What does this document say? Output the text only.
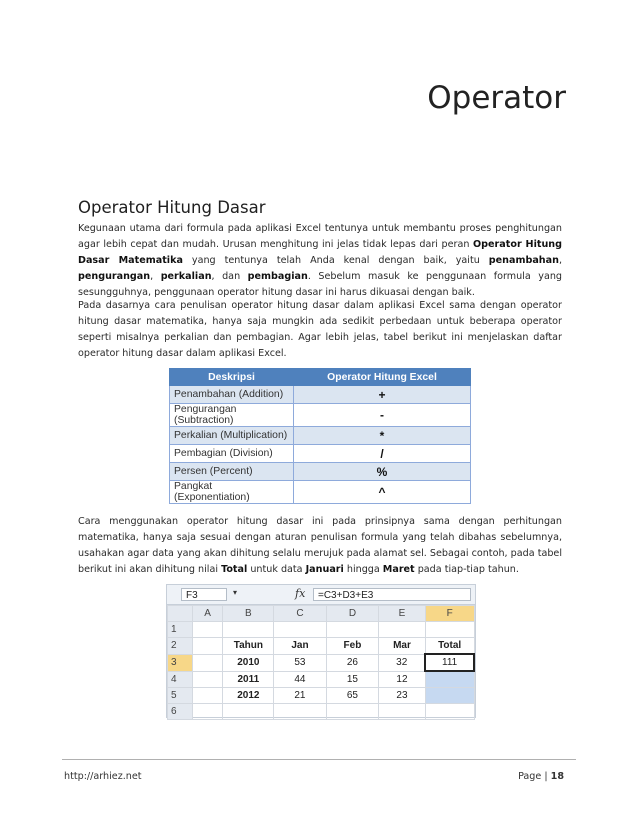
Operator
Operator Hitung Dasar

Kegunaan utama dari formula pada aplikasi Excel tentunya untuk membantu proses penghitungan agar lebih cepat dan mudah. Urusan menghitung ini jelas tidak lepas dari peran Operator Hitung Dasar Matematika yang tentunya telah Anda kenal dengan baik, yaitu penambahan, pengurangan, perkalian, dan pembagian. Sebelum masuk ke penggunaan formula yang sesungguhnya, penggunaan operator hitung dasar ini harus dikuasai dengan baik.

Pada dasarnya cara penulisan operator hitung dasar dalam aplikasi Excel sama dengan operator hitung dasar matematika, hanya saja mungkin ada sedikit perbedaan untuk beberapa operator seperti misalnya perkalian dan pembagian. Agar lebih jelas, tabel berikut ini menjelaskan daftar operator hitung dasar dalam aplikasi Excel.

Deskripsi	Operator Hitung Excel
Penambahan (Addition)	+
Pengurangan (Subtraction)	-
Perkalian (Multiplication)	*
Pembagian (Division)	/
Persen (Percent)	%
Pangkat (Exponentiation)	^

Cara menggunakan operator hitung dasar ini pada prinsipnya sama dengan perhitungan matematika, hanya saja sesuai dengan aturan penulisan formula yang telah dibahas sebelumnya, usahakan agar data yang akan dihitung selalu merujuk pada alamat sel. Sebagai contoh, pada tabel berikut ini akan dihitung nilai Total untuk data Januari hingga Maret pada tiap-tiap tahun.

F3	▾	fx	=C3+D3+E3
	A	B	C	D	E	F
1						
2		Tahun	Jan	Feb	Mar	Total
3		2010	53	26	32	111
4		2011	44	15	12	
5		2012	21	65	23	
6						
http://arhiez.net	Page | 18
